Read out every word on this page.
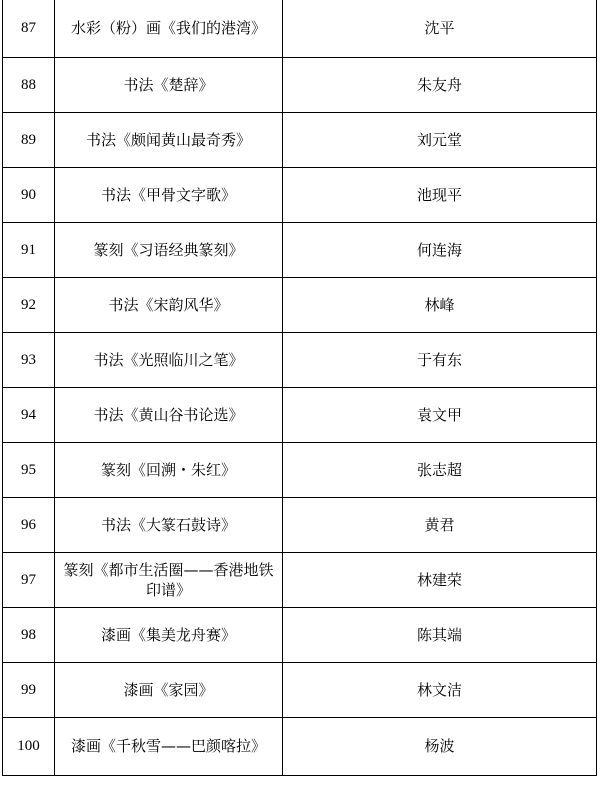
87	水彩（粉）画《我们的港湾》	沈平
88	书法《楚辞》	朱友舟
89	书法《颇闻黄山最奇秀》	刘元堂
90	书法《甲骨文字歌》	池现平
91	篆刻《习语经典篆刻》	何连海
92	书法《宋韵风华》	林峰
93	书法《光照临川之笔》	于有东
94	书法《黄山谷书论选》	袁文甲
95	篆刻《回溯・朱红》	张志超
96	书法《大篆石鼓诗》	黄君
97	篆刻《都市生活圈——香港地铁印谱》	林建荣
98	漆画《集美龙舟赛》	陈其端
99	漆画《家园》	林文洁
100	漆画《千秋雪——巴颜喀拉》	杨波
